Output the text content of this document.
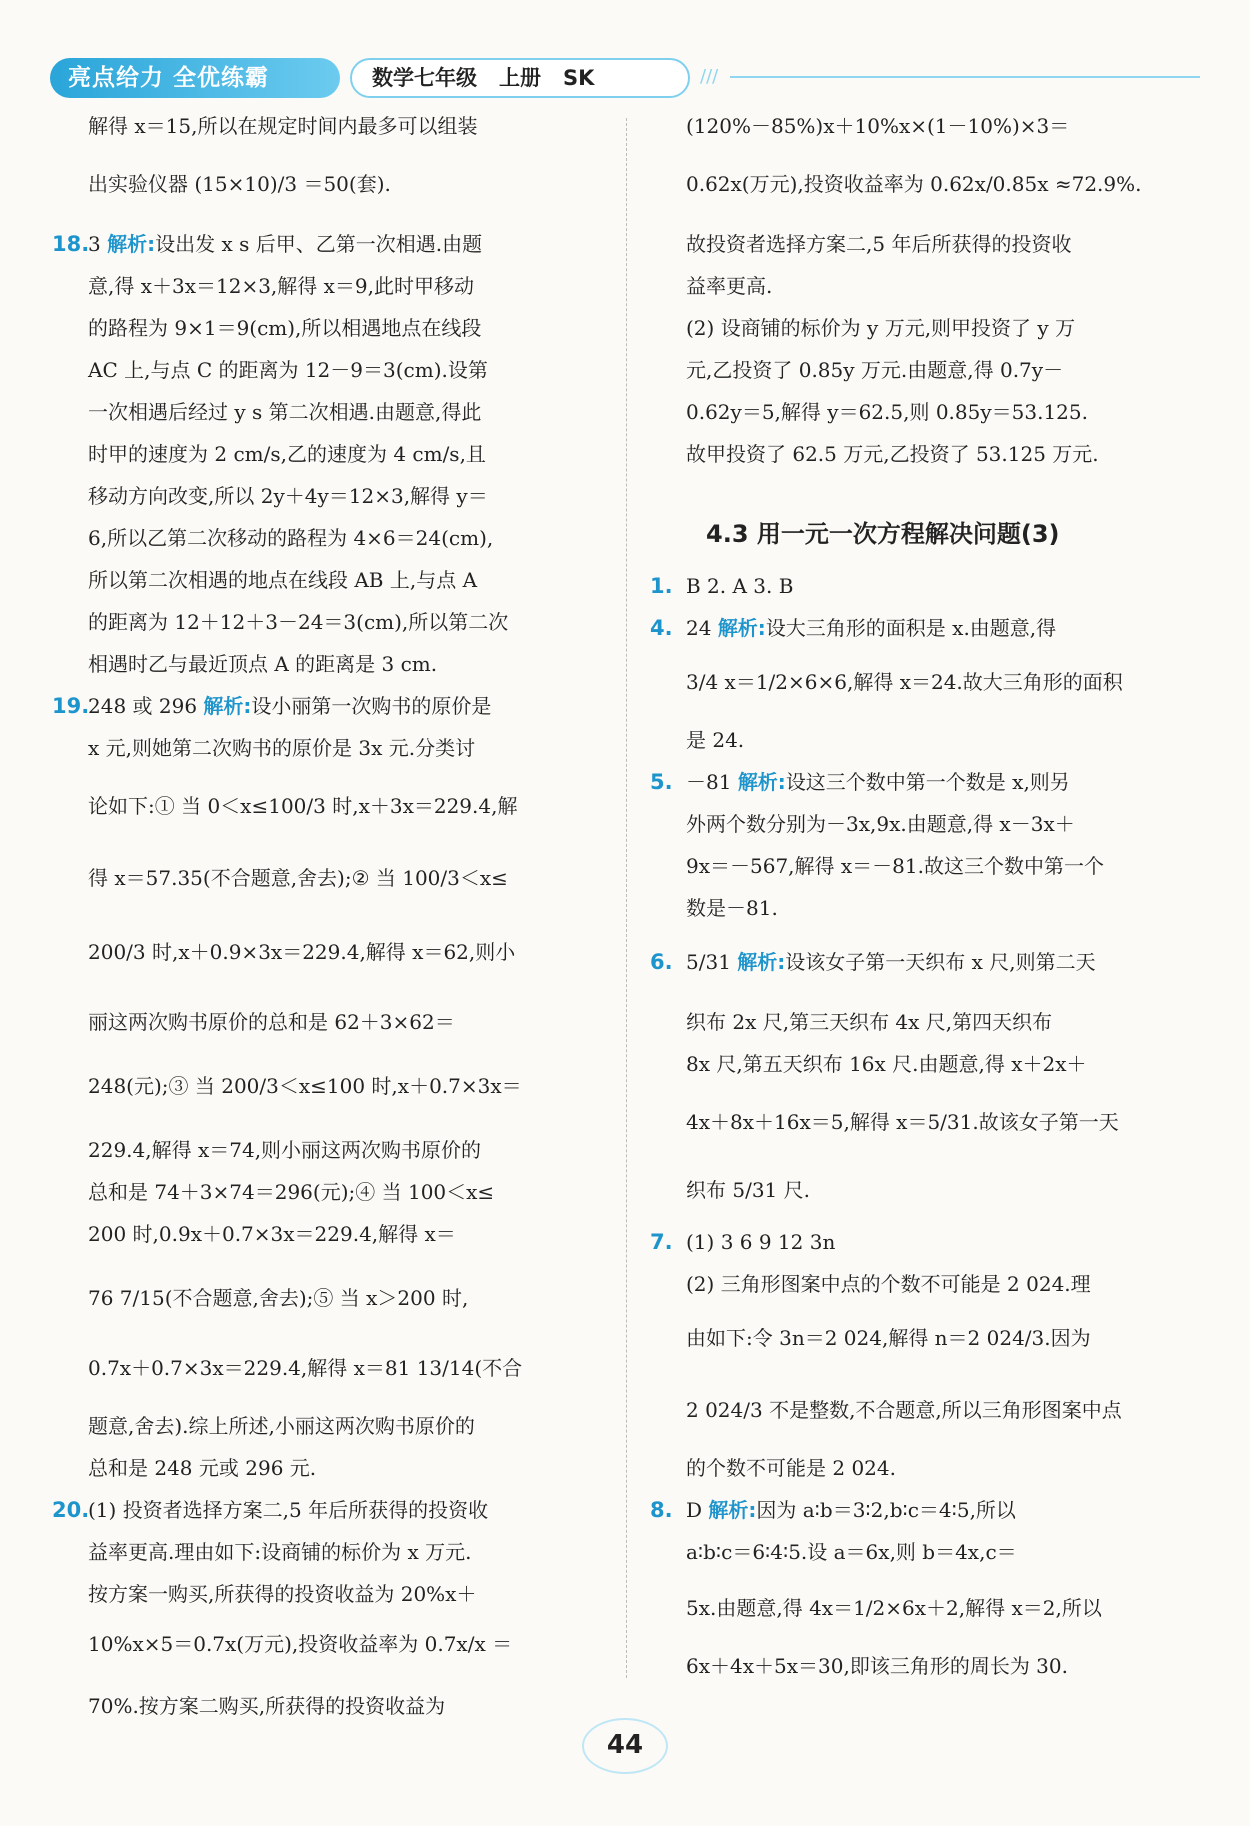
亮点给力 全优练霸	数学七年级 上册 SK	///
解得 x＝15,所以在规定时间内最多可以组装
出实验仪器 (15×10)/3 ＝50(套).
18.
3 解析:设出发 x s 后甲、乙第一次相遇.由题
意,得 x＋3x＝12×3,解得 x＝9,此时甲移动
的路程为 9×1＝9(cm),所以相遇地点在线段
AC 上,与点 C 的距离为 12－9＝3(cm).设第
一次相遇后经过 y s 第二次相遇.由题意,得此
时甲的速度为 2 cm/s,乙的速度为 4 cm/s,且
移动方向改变,所以 2y＋4y＝12×3,解得 y＝
6,所以乙第二次移动的路程为 4×6＝24(cm),
所以第二次相遇的地点在线段 AB 上,与点 A
的距离为 12＋12＋3－24＝3(cm),所以第二次
相遇时乙与最近顶点 A 的距离是 3 cm.
19.
248 或 296 解析:设小丽第一次购书的原价是
x 元,则她第二次购书的原价是 3x 元.分类讨
论如下:① 当 0＜x≤100/3 时,x＋3x＝229.4,解
得 x＝57.35(不合题意,舍去);② 当 100/3＜x≤
200/3 时,x＋0.9×3x＝229.4,解得 x＝62,则小
丽这两次购书原价的总和是 62＋3×62＝
248(元);③ 当 200/3＜x≤100 时,x＋0.7×3x＝
229.4,解得 x＝74,则小丽这两次购书原价的
总和是 74＋3×74＝296(元);④ 当 100＜x≤
200 时,0.9x＋0.7×3x＝229.4,解得 x＝
76 7/15(不合题意,舍去);⑤ 当 x＞200 时,
0.7x＋0.7×3x＝229.4,解得 x＝81 13/14(不合
题意,舍去).综上所述,小丽这两次购书原价的
总和是 248 元或 296 元.
20.
(1) 投资者选择方案二,5 年后所获得的投资收
益率更高.理由如下:设商铺的标价为 x 万元.
按方案一购买,所获得的投资收益为 20%x＋
10%x×5＝0.7x(万元),投资收益率为 0.7x/x ＝
70%.按方案二购买,所获得的投资收益为
4.3 用一元一次方程解决问题(3)
(120%－85%)x＋10%x×(1－10%)×3＝
0.62x(万元),投资收益率为 0.62x/0.85x ≈72.9%.
故投资者选择方案二,5 年后所获得的投资收
益率更高.
(2) 设商铺的标价为 y 万元,则甲投资了 y 万
元,乙投资了 0.85y 万元.由题意,得 0.7y－
0.62y＝5,解得 y＝62.5,则 0.85y＝53.125.
故甲投资了 62.5 万元,乙投资了 53.125 万元.
1. B 2. A 3. B
4. 24 解析:设大三角形的面积是 x.由题意,得
3/4 x＝1/2×6×6,解得 x＝24.故大三角形的面积
是 24.
5. －81 解析:设这三个数中第一个数是 x,则另
外两个数分别为－3x,9x.由题意,得 x－3x＋
9x＝－567,解得 x＝－81.故这三个数中第一个
数是－81.
6. 5/31 解析:设该女子第一天织布 x 尺,则第二天
织布 2x 尺,第三天织布 4x 尺,第四天织布
8x 尺,第五天织布 16x 尺.由题意,得 x＋2x＋
4x＋8x＋16x＝5,解得 x＝5/31.故该女子第一天
织布 5/31 尺.
7. (1) 3 6 9 12 3n
(2) 三角形图案中点的个数不可能是 2 024.理
由如下:令 3n＝2 024,解得 n＝2 024/3.因为
2 024/3 不是整数,不合题意,所以三角形图案中点
的个数不可能是 2 024.
8. D 解析:因为 a∶b＝3∶2,b∶c＝4∶5,所以
a∶b∶c＝6∶4∶5.设 a＝6x,则 b＝4x,c＝
5x.由题意,得 4x＝1/2×6x＋2,解得 x＝2,所以
6x＋4x＋5x＝30,即该三角形的周长为 30.
44
